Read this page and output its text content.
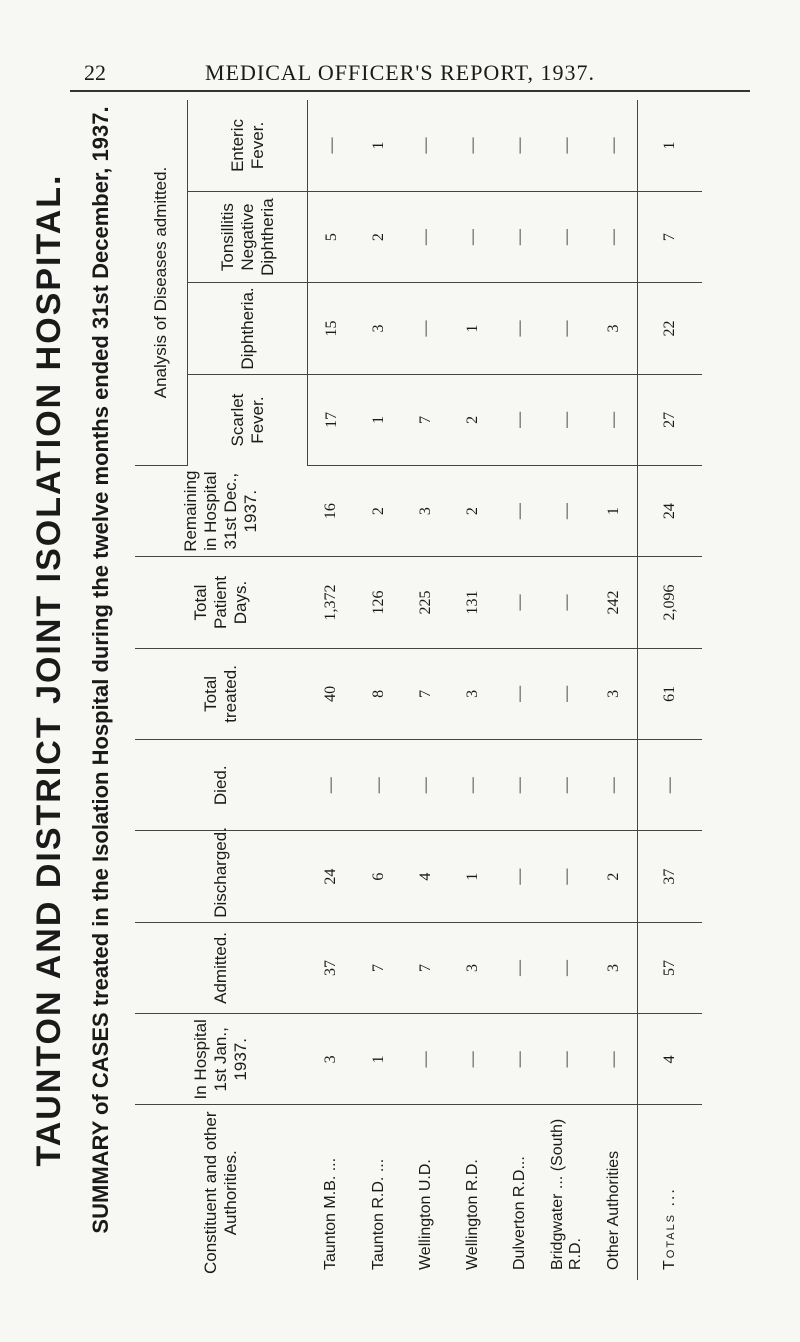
22	MEDICAL OFFICER'S REPORT, 1937.
TAUNTON AND DISTRICT JOINT ISOLATION HOSPITAL. SUMMARY of CASES treated in the Isolation Hospital during the twelve months ended 31st December, 1937.	Constituent and other Authorities.	In Hospital 1st Jan., 1937.	Admitted.	Discharged.	Died.	Total treated.	Total Patient Days.	Remaining in Hospital 31st Dec., 1937.	Analysis of Diseases admitted.			
								Scarlet Fever.	Diphtheria.	Tonsillitis Negative Diphtheria	Enteric Fever.
Taunton M.B. ...	3	37	24	—	40	1,372	16	17	15	5	—
Taunton R.D. ...	1	7	6	—	8	126	2	1	3	2	1
Wellington U.D.	—	7	4	—	7	225	3	7	—	—	—
Wellington R.D.	—	3	1	—	3	131	2	2	1	—	—
Dulverton R.D...	—	—	—	—	—	—	—	—	—	—	—
Bridgwater ... (South) R.D.	—	—	—	—	—	—	—	—	—	—	—
Other Authorities	—	3	2	—	3	242	1	—	3	—	—
Totals ...	4	57	37	—	61	2,096	24	27	22	7	1
